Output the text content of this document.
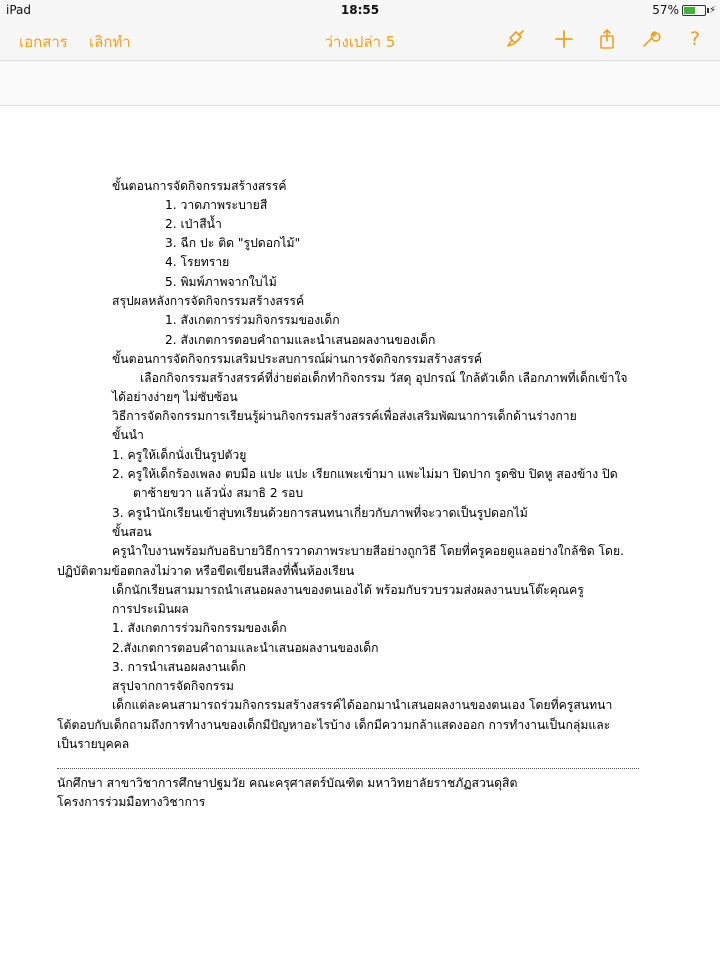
iPad	18:55	57%	⚡
เอกสาร เลิกทำ	ว่างเปล่า 5	?
ขั้นตอนการจัดกิจกรรมสร้างสรรค์
1. วาดภาพระบายสี
2. เป่าสีน้ำ
3. ฉีก ปะ ติด "รูปดอกไม้"
4. โรยทราย
5. พิมพ์ภาพจากใบไม้
สรุปผลหลังการจัดกิจกรรมสร้างสรรค์
1. สังเกตการร่วมกิจกรรมของเด็ก
2. สังเกตการตอบคำถามและนำเสนอผลงานของเด็ก
ขั้นตอนการจัดกิจกรรมเสริมประสบการณ์ผ่านการจัดกิจกรรมสร้างสรรค์
เลือกกิจกรรมสร้างสรรค์ที่ง่ายต่อเด็กทำกิจกรรม วัสดุ อุปกรณ์ ใกล้ตัวเด็ก เลือกภาพที่เด็กเข้าใจ
ได้อย่างง่ายๆ ไม่ซับซ้อน
วิธีการจัดกิจกรรมการเรียนรู้ผ่านกิจกรรมสร้างสรรค์เพื่อส่งเสริมพัฒนาการเด็กด้านร่างกาย
ขั้นนำ
1. ครูให้เด็กนั่งเป็นรูปตัวยู
2. ครูให้เด็กร้องเพลง ตบมือ แปะ แปะ เรียกแพะเข้ามา แพะไม่มา ปิดปาก รูดซิบ ปิดหู สองข้าง ปิด
ตาซ้ายขวา แล้วนั่ง สมาธิ 2 รอบ
3. ครูนำนักเรียนเข้าสู่บทเรียนด้วยการสนทนาเกี่ยวกับภาพที่จะวาดเป็นรูปดอกไม้
ขั้นสอน
ครูนำใบงานพร้อมกับอธิบายวิธีการวาดภาพระบายสีอย่างถูกวิธี โดยที่ครูคอยดูแลอย่างใกล้ชิด โดย.
ปฏิบัติตามข้อตกลงไม่วาด หรือขีดเขียนสีลงที่พื้นห้องเรียน
เด็กนักเรียนสามมารถนำเสนอผลงานของตนเองได้ พร้อมกับรวบรวมส่งผลงานบนโต๊ะคุณครู
การประเมินผล
1. สังเกตการร่วมกิจกรรมของเด็ก
2.สังเกตการตอบคำถามและนำเสนอผลงานของเด็ก
3. การนำเสนอผลงานเด็ก
สรุปจากการจัดกิจกรรม
เด็กแต่ละคนสามารถร่วมกิจกรรมสร้างสรรค์ได้ออกมานำเสนอผลงานของตนเอง โดยที่ครูสนทนา
โต้ตอบกับเด็กถามถึงการทำงานของเด็กมีปัญหาอะไรบ้าง เด็กมีความกล้าแสดงออก การทำงานเป็นกลุ่มและ
เป็นรายบุคคล
นักศึกษา สาขาวิชาการศึกษาปฐมวัย คณะครุศาสตร์บัณฑิต มหาวิทยาลัยราชภัฏสวนดุสิต
โครงการร่วมมือทางวิชาการ
